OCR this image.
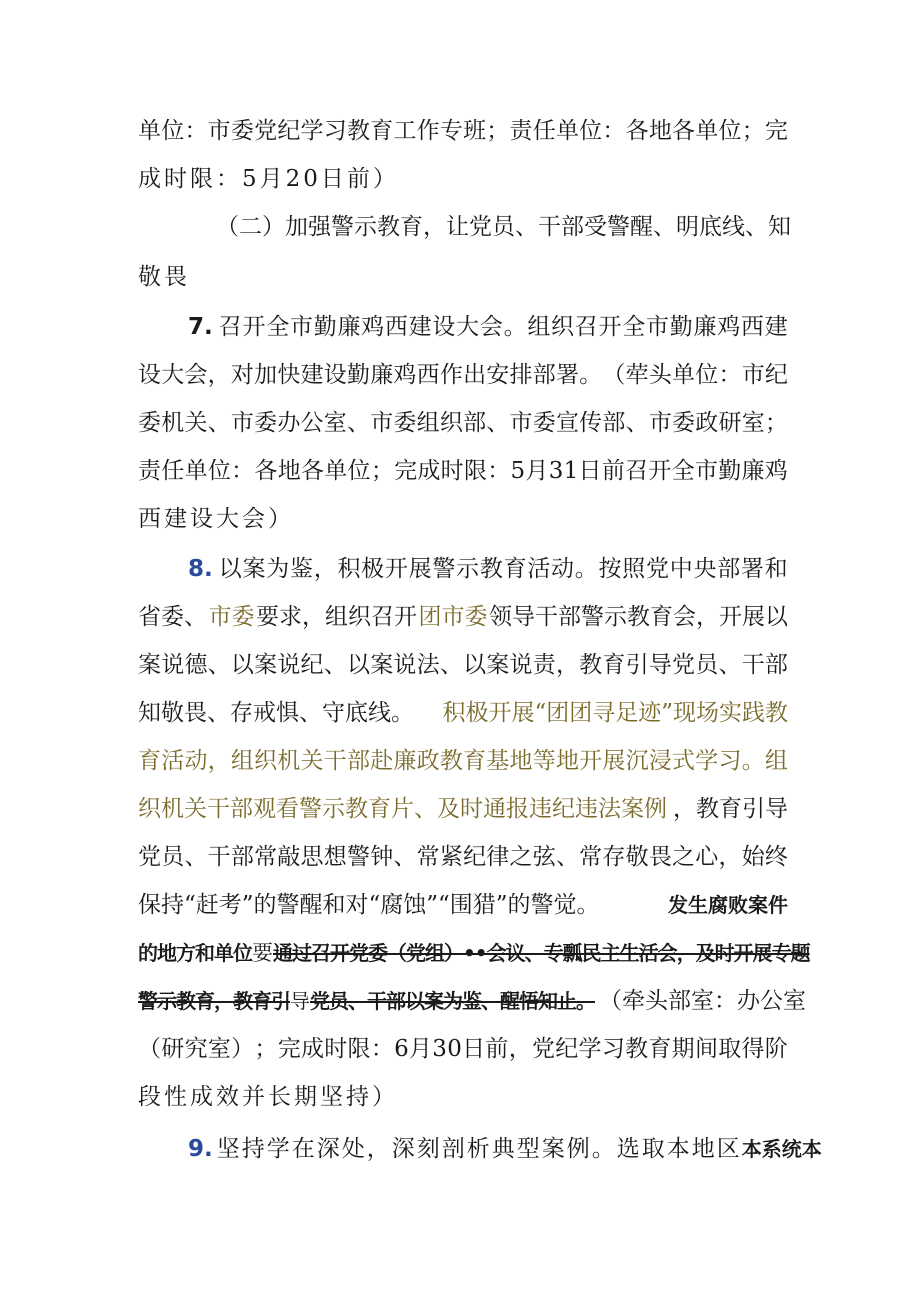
单 位 ： 市 委 党 纪 学 习 教 育 工 作 专 班 ； 责 任 单 位 ： 各 地 各 单 位 ； 完
成时限：5月20日前）
（ 二 ） 加 强 警 示 教 育 ， 让 党 员 、 干 部 受 警 醒 、 明 底 线 、 知
敬畏
7. 召 开 全 市 勤 廉 鸡 西 建 设 大 会 。 组 织 召 开 全 市 勤 廉 鸡 西 建
设 大 会 ， 对 加 快 建 设 勤 廉 鸡 西 作 出 安 排 部 署 。 （ 荦 头 单 位 ： 市 纪
委 机 关 、 市 委 办 公 室 、 市 委 组 织 部 、 市 委 宣 传 部 、 市 委 政 研 室 ；
责 任 单 位 ： 各 地 各 单 位 ； 完 成 时 限 ： 5 月 3 1 日 前 召 开 全 市 勤 廉 鸡
西建设大会）
8. 以 案 为 鉴 ， 积 极 开 展 警 示 教 育 活 动 。 按 照 党 中 央 部 署 和
省委、 市委 要求，组织召开 团市委 领导干部警示教育会，开展以
案 说 德 、 以 案 说 纪 、 以 案 说 法 、 以 案 说 责 ， 教 育 引 导 党 员 、 干 部
知敬畏、存戒惧、守底线。 积极开展“团团寻足迹”现场实践教
育 活 动 ， 组 织 机 关 干 部 赴 廉 政 教 育 基 地 等 地 开 展 沉 浸 式 学 习 。 组
织机关干部观看警示教育片、及时通报违纪违法案例 ，教育引导
党 员 、 干 部 常 敲 思 想 警 钟 、 常 紧 纪 律 之 弦 、 常 存 敬 畏 之 心 ， 始 终
保持“赶考”的警醒和对“腐蚀”“围猎”的警觉。	发生腐败案件
的地方和单位 要 通过召开党委（党组）••会议、专瓢民主生活会，及时开展专题
警示教育，教育引 导 党员、干部以案为鉴、醒悟知止。 （牵头部室：办公室
（ 研 究 室 ） ； 完 成 时 限 ： 6 月 3 0 日 前 ， 党 纪 学 习 教 育 期 间 取 得 阶
段性成效并长期坚持）
9. 坚持学在深处，深刻剖析典型案例。选取本地区 本系统本
